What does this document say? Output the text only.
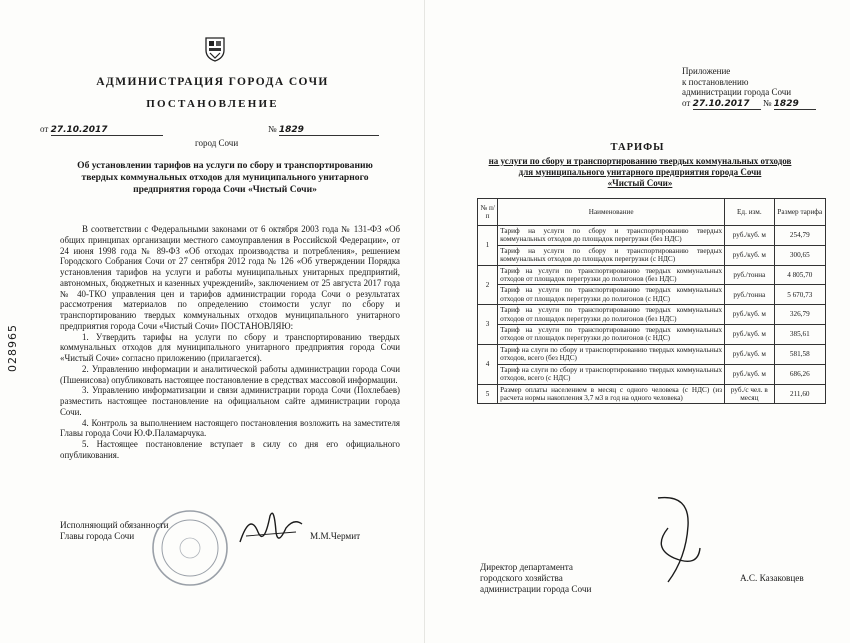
АДМИНИСТРАЦИЯ ГОРОДА СОЧИ
ПОСТАНОВЛЕНИЕ
от 27.10.2017	№ 1829
город Сочи
Об установлении тарифов на услуги по сбору и транспортированию твердых коммунальных отходов для муниципального унитарного предприятия города Сочи «Чистый Сочи»

В соответствии с Федеральными законами от 6 октября 2003 года № 131-ФЗ «Об общих принципах организации местного самоуправления в Российской Федерации», от 24 июня 1998 года № 89-ФЗ «Об отходах производства и потребления», решением Городского Собрания Сочи от 27 сентября 2012 года № 126 «Об утверждении Порядка установления тарифов на услуги и работы муниципальных унитарных предприятий, автономных, бюджетных и казенных учреждений», заключением от 25 августа 2017 года № 40-ТКО управления цен и тарифов администрации города Сочи о результатах рассмотрения материалов по определению стоимости услуг по сбору и транспортированию твердых коммунальных отходов муниципального унитарного предприятия города Сочи «Чистый Сочи» ПОСТАНОВЛЯЮ:

1. Утвердить тарифы на услуги по сбору и транспортированию твердых коммунальных отходов для муниципального унитарного предприятия города Сочи «Чистый Сочи» согласно приложению (прилагается).

2. Управлению информации и аналитической работы администрации города Сочи (Пшенисова) опубликовать настоящее постановление в средствах массовой информации.

3. Управлению информатизации и связи администрации города Сочи (Похлебаев) разместить настоящее постановление на официальном сайте администрации города Сочи.

4. Контроль за выполнением настоящего постановления возложить на заместителя Главы города Сочи Ю.Ф.Паламарчука.

5. Настоящее постановление вступает в силу со дня его официального опубликования.

028965
Исполняющий обязанности
Главы города Сочи	М.М.Чермит
Приложение
к постановлению
администрации города Сочи
от 27.10.2017 № 1829
ТАРИФЫ
на услуги по сбору и транспортированию твердых коммунальных отходов
для муниципального унитарного предприятия города Сочи
«Чистый Сочи»
№ п/п	Наименование	Ед. изм.	Размер тарифа
1	Тариф на услуги по сбору и транспортированию твердых коммунальных отходов до площадок перегрузки (без НДС)	руб./куб. м	254,79
	Тариф на услуги по сбору и транспортированию твердых коммунальных отходов до площадок перегрузки (с НДС)	руб./куб. м	300,65
2	Тариф на услуги по транспортированию твердых коммунальных отходов от площадок перегрузки до полигонов (без НДС)	руб./тонна	4 805,70
	Тариф на услуги по транспортированию твердых коммунальных отходов от площадок перегрузки до полигонов (с НДС)	руб./тонна	5 670,73
3	Тариф на услуги по транспортированию твердых коммунальных отходов от площадок перегрузки до полигонов (без НДС)	руб./куб. м	326,79
	Тариф на услуги по транспортированию твердых коммунальных отходов от площадок перегрузки до полигонов (с НДС)	руб./куб. м	385,61
4	Тариф на слуги по сбору и транспортированию твердых коммунальных отходов, всего (без НДС)	руб./куб. м	581,58
	Тариф на слуги по сбору и транспортированию твердых коммунальных отходов, всего (с НДС)	руб./куб. м	686,26
5	Размер оплаты населением в месяц с одного человека (с НДС) (из расчета нормы накопления 3,7 м3 в год на одного человека)	руб./с чел. в месяц	211,60
Директор департамента
городского хозяйства
администрации города Сочи
А.С. Казаковцев
